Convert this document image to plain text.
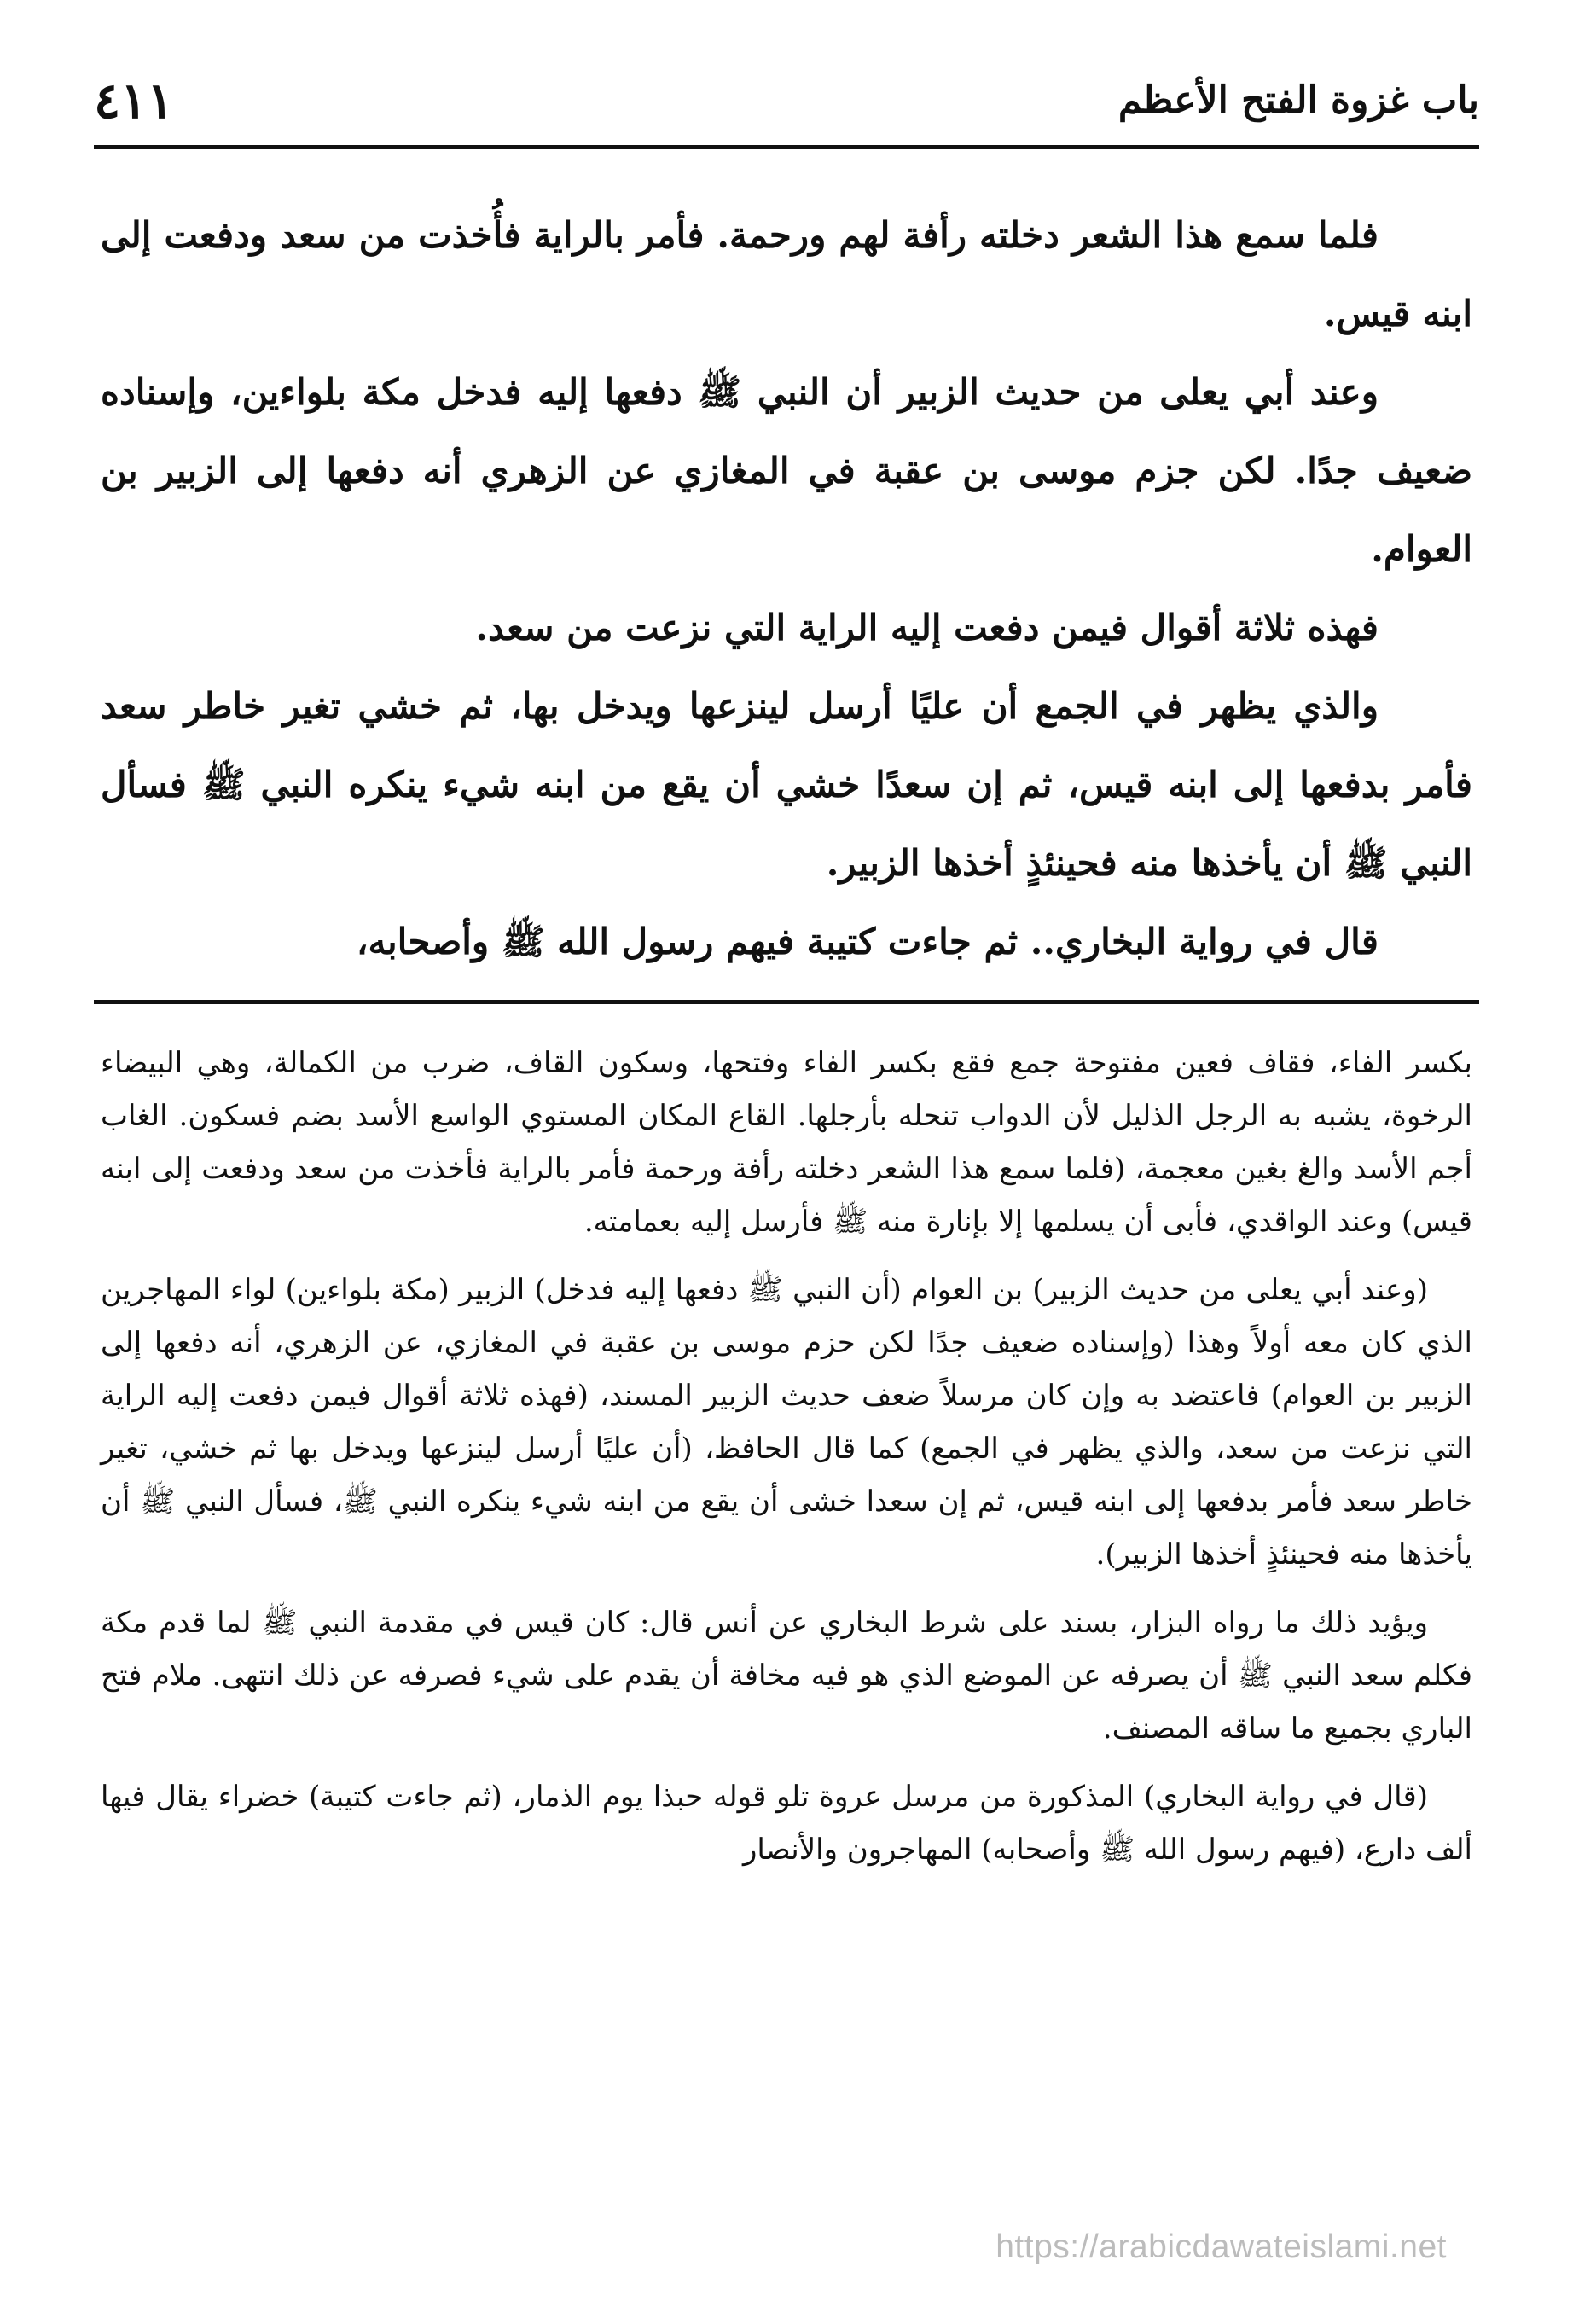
باب غزوة الفتح الأعظم
٤١١

فلما سمع هذا الشعر دخلته رأفة لهم ورحمة. فأمر بالراية فأُخذت من سعد ودفعت إلى ابنه قيس.

وعند أبي يعلى من حديث الزبير أن النبي ﷺ دفعها إليه فدخل مكة بلواءين، وإسناده ضعيف جدًا. لكن جزم موسى بن عقبة في المغازي عن الزهري أنه دفعها إلى الزبير بن العوام.

فهذه ثلاثة أقوال فيمن دفعت إليه الراية التي نزعت من سعد.

والذي يظهر في الجمع أن عليًا أرسل لينزعها ويدخل بها، ثم خشي تغير خاطر سعد فأمر بدفعها إلى ابنه قيس، ثم إن سعدًا خشي أن يقع من ابنه شيء ينكره النبي ﷺ فسأل النبي ﷺ أن يأخذها منه فحينئذٍ أخذها الزبير.

قال في رواية البخاري.. ثم جاءت كتيبة فيهم رسول الله ﷺ وأصحابه،

بكسر الفاء، فقاف فعين مفتوحة جمع فقع بكسر الفاء وفتحها، وسكون القاف، ضرب من الكمالة، وهي البيضاء الرخوة، يشبه به الرجل الذليل لأن الدواب تنحله بأرجلها. القاع المكان المستوي الواسع الأسد بضم فسكون. الغاب أجم الأسد والغ بغين معجمة، (فلما سمع هذا الشعر دخلته رأفة ورحمة فأمر بالراية فأخذت من سعد ودفعت إلى ابنه قيس) وعند الواقدي، فأبى أن يسلمها إلا بإنارة منه ﷺ فأرسل إليه بعمامته.

(وعند أبي يعلى من حديث الزبير) بن العوام (أن النبي ﷺ دفعها إليه فدخل) الزبير (مكة بلواءين) لواء المهاجرين الذي كان معه أولاً وهذا (وإسناده ضعيف جدًا لكن حزم موسى بن عقبة في المغازي، عن الزهري، أنه دفعها إلى الزبير بن العوام) فاعتضد به وإن كان مرسلاً ضعف حديث الزبير المسند، (فهذه ثلاثة أقوال فيمن دفعت إليه الراية التي نزعت من سعد، والذي يظهر في الجمع) كما قال الحافظ، (أن عليًا أرسل لينزعها ويدخل بها ثم خشي، تغير خاطر سعد فأمر بدفعها إلى ابنه قيس، ثم إن سعدا خشى أن يقع من ابنه شيء ينكره النبي ﷺ، فسأل النبي ﷺ أن يأخذها منه فحينئذٍ أخذها الزبير).

ويؤيد ذلك ما رواه البزار، بسند على شرط البخاري عن أنس قال: كان قيس في مقدمة النبي ﷺ لما قدم مكة فكلم سعد النبي ﷺ أن يصرفه عن الموضع الذي هو فيه مخافة أن يقدم على شيء فصرفه عن ذلك انتهى. ملام فتح الباري بجميع ما ساقه المصنف.

(قال في رواية البخاري) المذكورة من مرسل عروة تلو قوله حبذا يوم الذمار، (ثم جاءت كتيبة) خضراء يقال فيها ألف دارع، (فيهم رسول الله ﷺ وأصحابه) المهاجرون والأنصار

https://arabicdawateislami.net
